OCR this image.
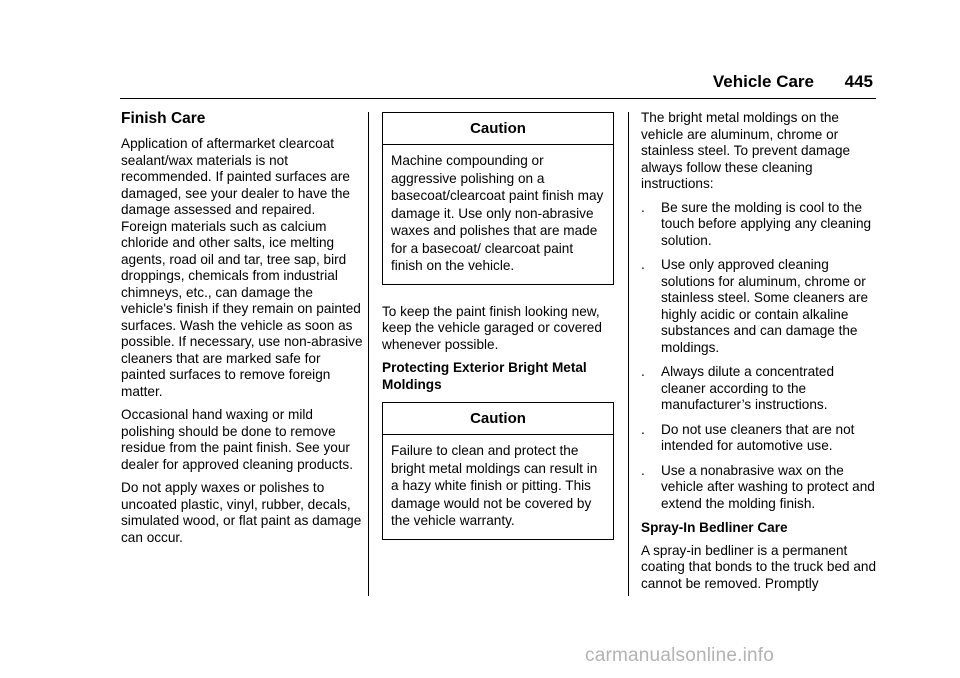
Vehicle Care 445
Finish Care

Application of aftermarket clearcoat sealant/wax materials is not recommended. If painted surfaces are damaged, see your dealer to have the damage assessed and repaired. Foreign materials such as calcium chloride and other salts, ice melting agents, road oil and tar, tree sap, bird droppings, chemicals from industrial chimneys, etc., can damage the vehicle's finish if they remain on painted surfaces. Wash the vehicle as soon as possible. If necessary, use non-abrasive cleaners that are marked safe for painted surfaces to remove foreign matter.

Occasional hand waxing or mild polishing should be done to remove residue from the paint finish. See your dealer for approved cleaning products.

Do not apply waxes or polishes to uncoated plastic, vinyl, rubber, decals, simulated wood, or flat paint as damage can occur.

Caution
Machine compounding or aggressive polishing on a basecoat/clearcoat paint finish may damage it. Use only non-abrasive waxes and polishes that are made for a basecoat/ clearcoat paint finish on the vehicle.

To keep the paint finish looking new, keep the vehicle garaged or covered whenever possible.

Protecting Exterior Bright Metal Moldings
Caution
Failure to clean and protect the bright metal moldings can result in a hazy white finish or pitting. This damage would not be covered by the vehicle warranty.

The bright metal moldings on the vehicle are aluminum, chrome or stainless steel. To prevent damage always follow these cleaning instructions:

. Be sure the molding is cool to the touch before applying any cleaning solution.
. Use only approved cleaning solutions for aluminum, chrome or stainless steel. Some cleaners are highly acidic or contain alkaline substances and can damage the moldings.
. Always dilute a concentrated cleaner according to the manufacturer’s instructions.
. Do not use cleaners that are not intended for automotive use.
. Use a nonabrasive wax on the vehicle after washing to protect and extend the molding finish.
Spray-In Bedliner Care

A spray-in bedliner is a permanent coating that bonds to the truck bed and cannot be removed. Promptly

carmanualsonline.info
